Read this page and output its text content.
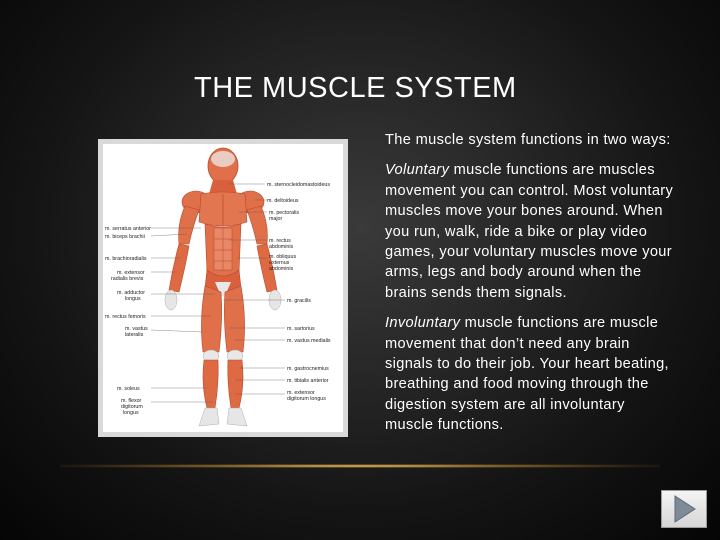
THE MUSCLE SYSTEM
m. sternocleidomastoideus
m. deltoideus
m. pectoralis
major
m. serratus anterior
m. biceps brachii
m. rectus
abdominis
m. brachioradialis	m. obliquus
externus
abdominis
m. extensor
radialis brevis
m. adductor
longus	m. gracilis
m. rectus femoris
m. sartorius
m. vastus
lateralis
m. vastus medialis
m. gastrocnemius
m. tibialis anterior
m. soleus
m. extensor
digitorum longus
m. flexor
digitorum
longus

The muscle system functions in two ways:

Voluntary muscle functions are muscles movement you can control. Most voluntary muscles move your bones around. When you run, walk, ride a bike or play video games, your voluntary muscles move your arms, legs and body around when the brains sends them signals.

Involuntary muscle functions are muscle movement that don’t need any brain signals to do their job. Your heart beating, breathing and food moving through the digestion system are all involuntary muscle functions.
